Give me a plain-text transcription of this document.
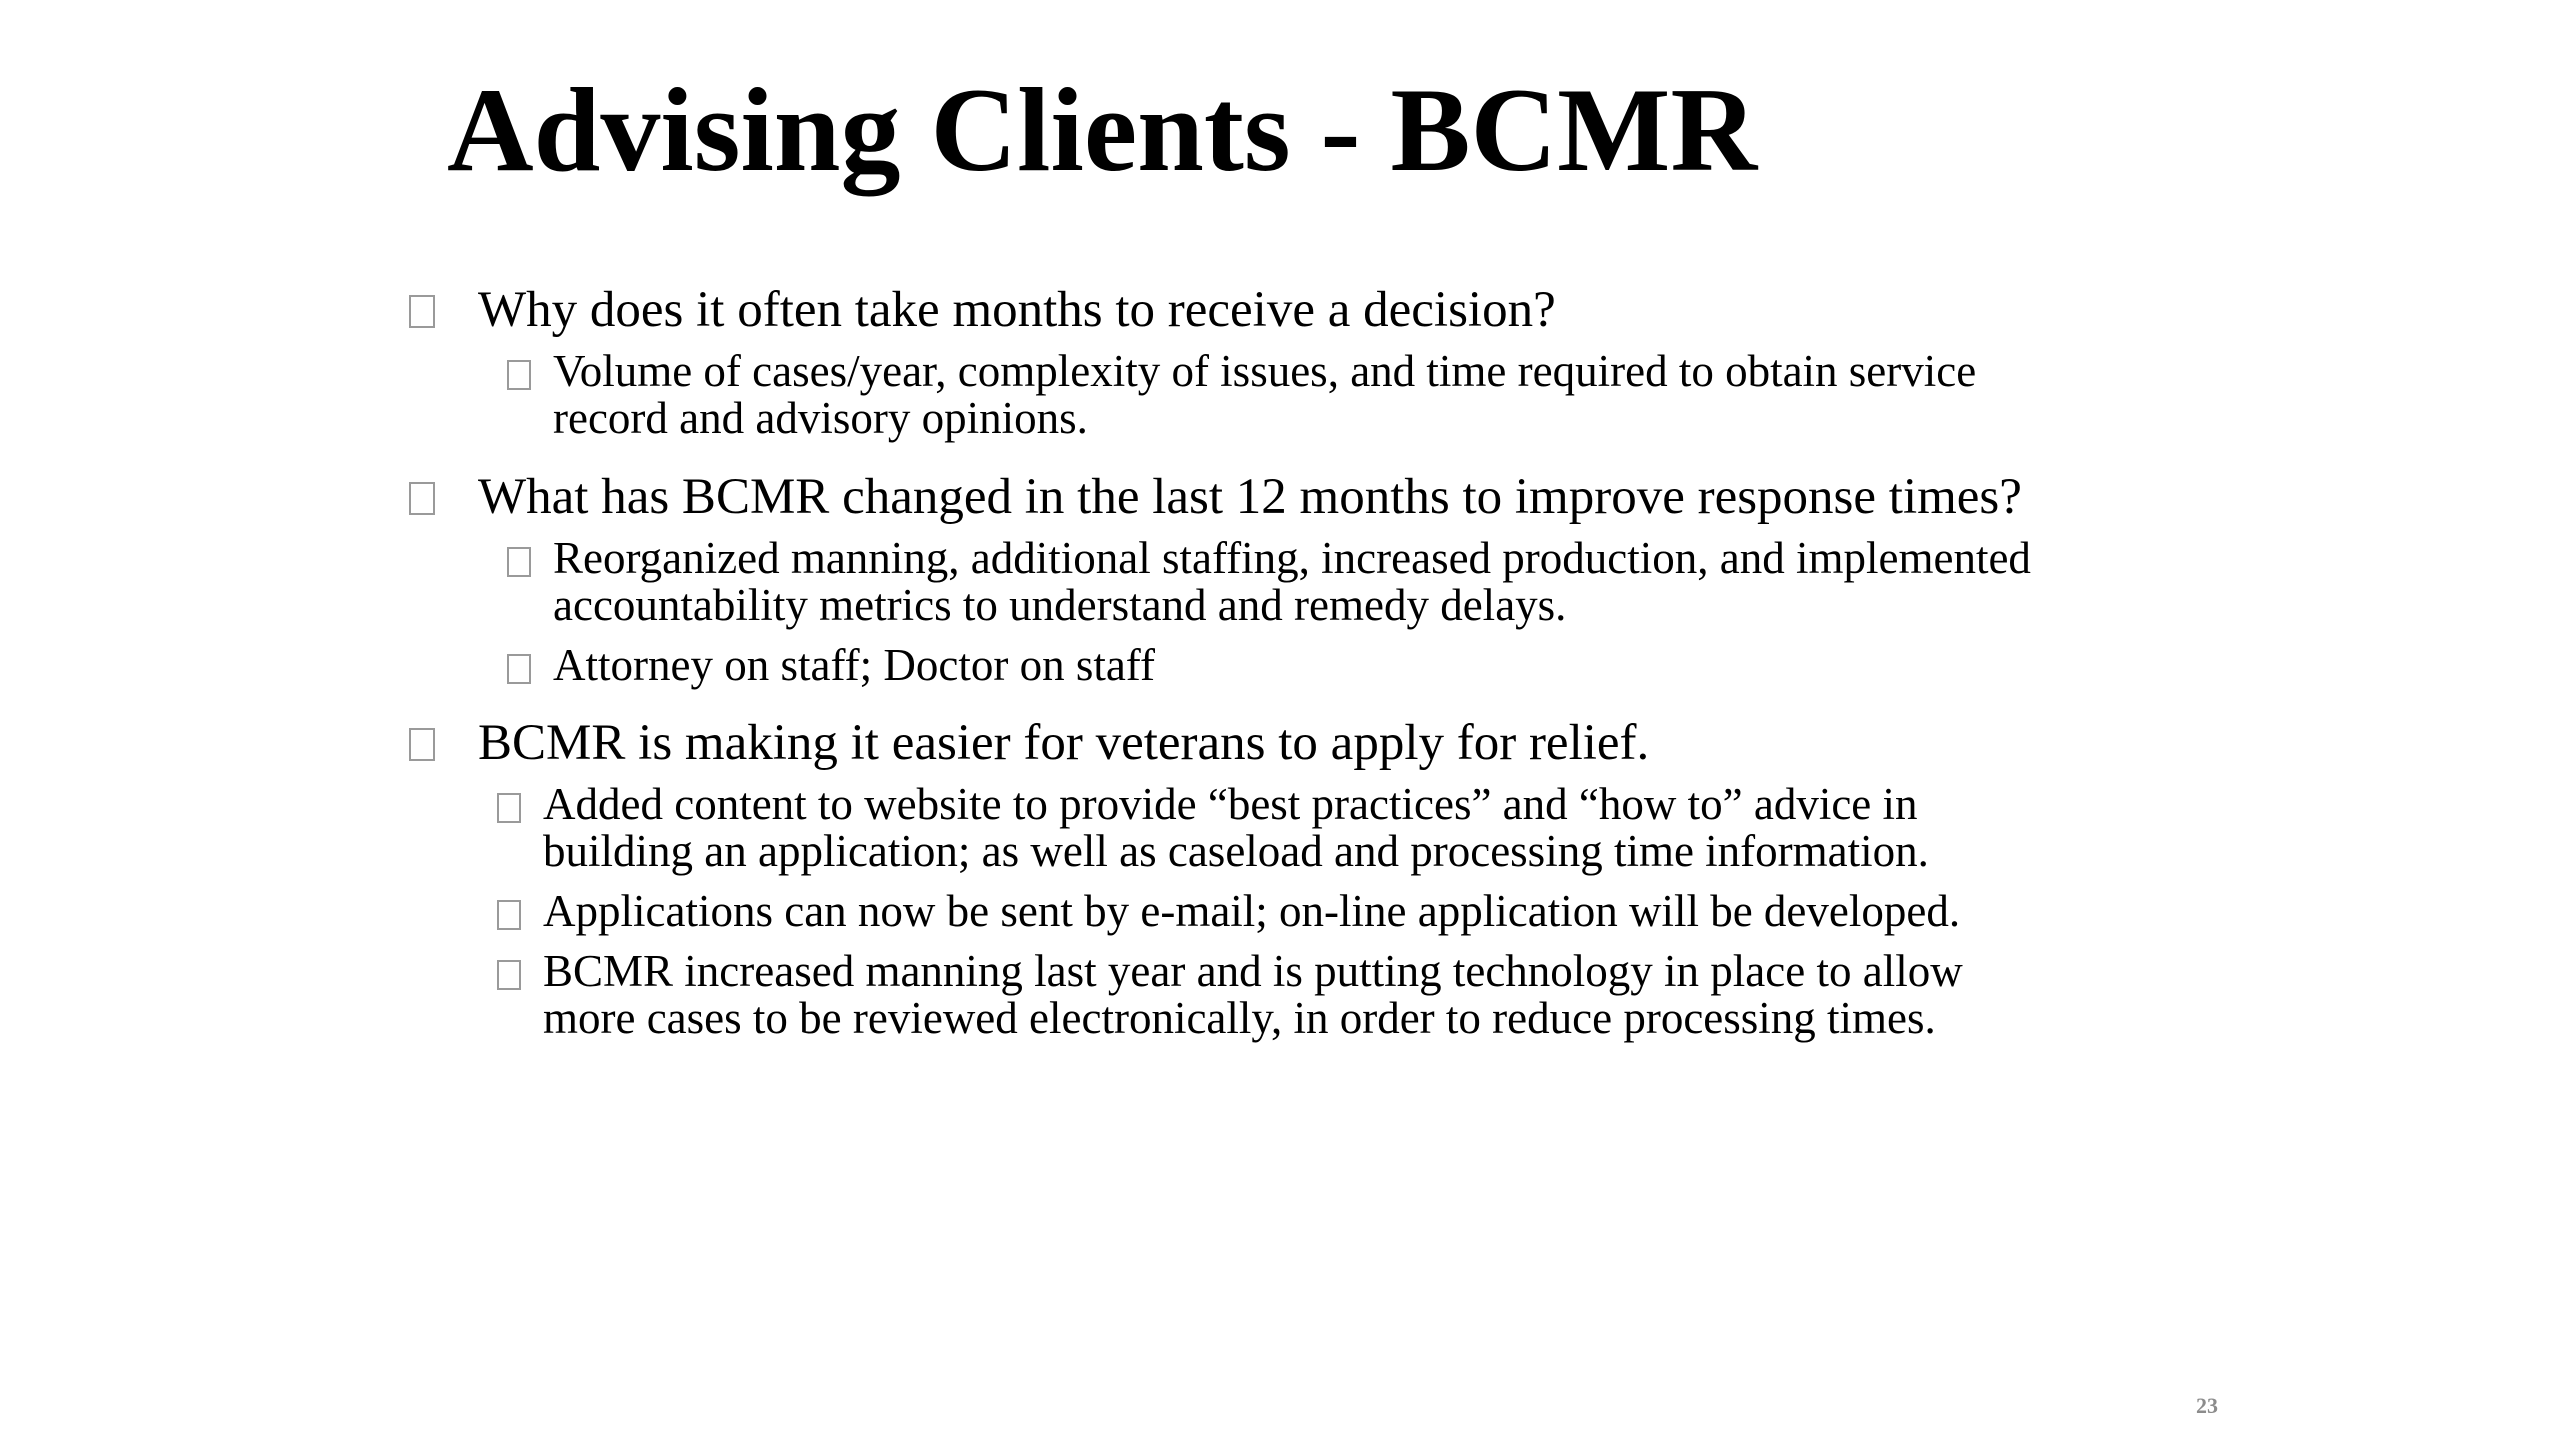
Advising Clients - BCMR
Why does it often take months to receive a decision?
Volume of cases/year, complexity of issues, and time required to obtain service
record and advisory opinions.
What has BCMR changed in the last 12 months to improve response times?
Reorganized manning, additional staffing, increased production, and implemented
accountability metrics to understand and remedy delays.
Attorney on staff; Doctor on staff
BCMR is making it easier for veterans to apply for relief.
Added content to website to provide “best practices” and “how to” advice in
building an application; as well as caseload and processing time information.
Applications can now be sent by e-mail; on-line application will be developed.
BCMR increased manning last year and is putting technology in place to allow
more cases to be reviewed electronically, in order to reduce processing times.
23
